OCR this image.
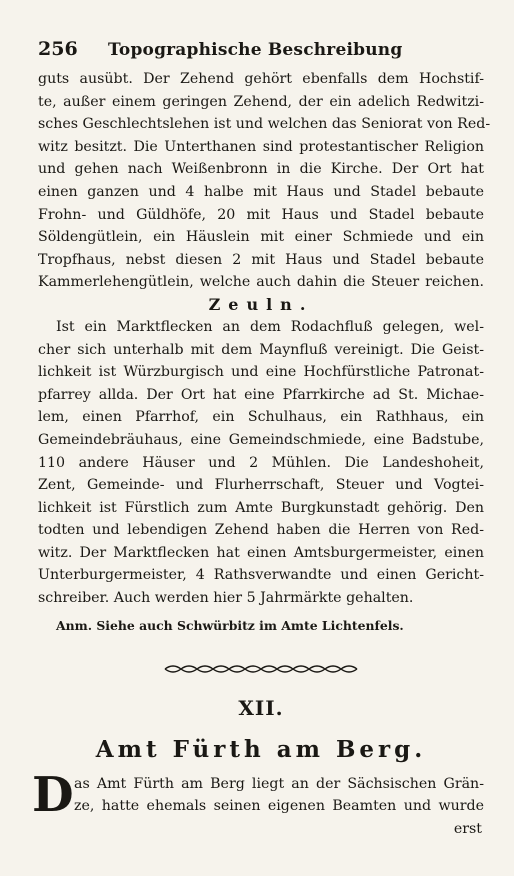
256	Topographische Beschreibung

guts ausübt. Der Zehend gehört ebenfalls dem Hochstif-
te, außer einem geringen Zehend, der ein adelich Redwitzi-
sches Geschlechtslehen ist und welchen das Seniorat von Red-
witz besitzt. Die Unterthanen sind protestantischer Religion
und gehen nach Weißenbronn in die Kirche. Der Ort hat
einen ganzen und 4 halbe mit Haus und Stadel bebaute
Frohn- und Güldhöfe, 20 mit Haus und Stadel bebaute
Söldengütlein, ein Häuslein mit einer Schmiede und ein
Tropfhaus, nebst diesen 2 mit Haus und Stadel bebaute
Kammerlehengütlein, welche auch dahin die Steuer reichen.

Zeuln.

Ist ein Marktflecken an dem Rodachfluß gelegen, wel-
cher sich unterhalb mit dem Maynfluß vereinigt. Die Geist-
lichkeit ist Würzburgisch und eine Hochfürstliche Patronat-
pfarrey allda. Der Ort hat eine Pfarrkirche ad St. Michae-
lem, einen Pfarrhof, ein Schulhaus, ein Rathhaus, ein
Gemeindebräuhaus, eine Gemeindschmiede, eine Badstube,
110 andere Häuser und 2 Mühlen. Die Landeshoheit,
Zent, Gemeinde- und Flurherrschaft, Steuer und Vogtei-
lichkeit ist Fürstlich zum Amte Burgkunstadt gehörig. Den
todten und lebendigen Zehend haben die Herren von Red-
witz. Der Marktflecken hat einen Amtsburgermeister, einen
Unterburgermeister, 4 Rathsverwandte und einen Gericht-
schreiber. Auch werden hier 5 Jahrmärkte gehalten.

Anm. Siehe auch Schwürbitz im Amte Lichtenfels.

XII.

Amt Fürth am Berg.

D as Amt Fürth am Berg liegt an der Sächsischen Grän-
ze, hatte ehemals seinen eigenen Beamten und wurde

erst
